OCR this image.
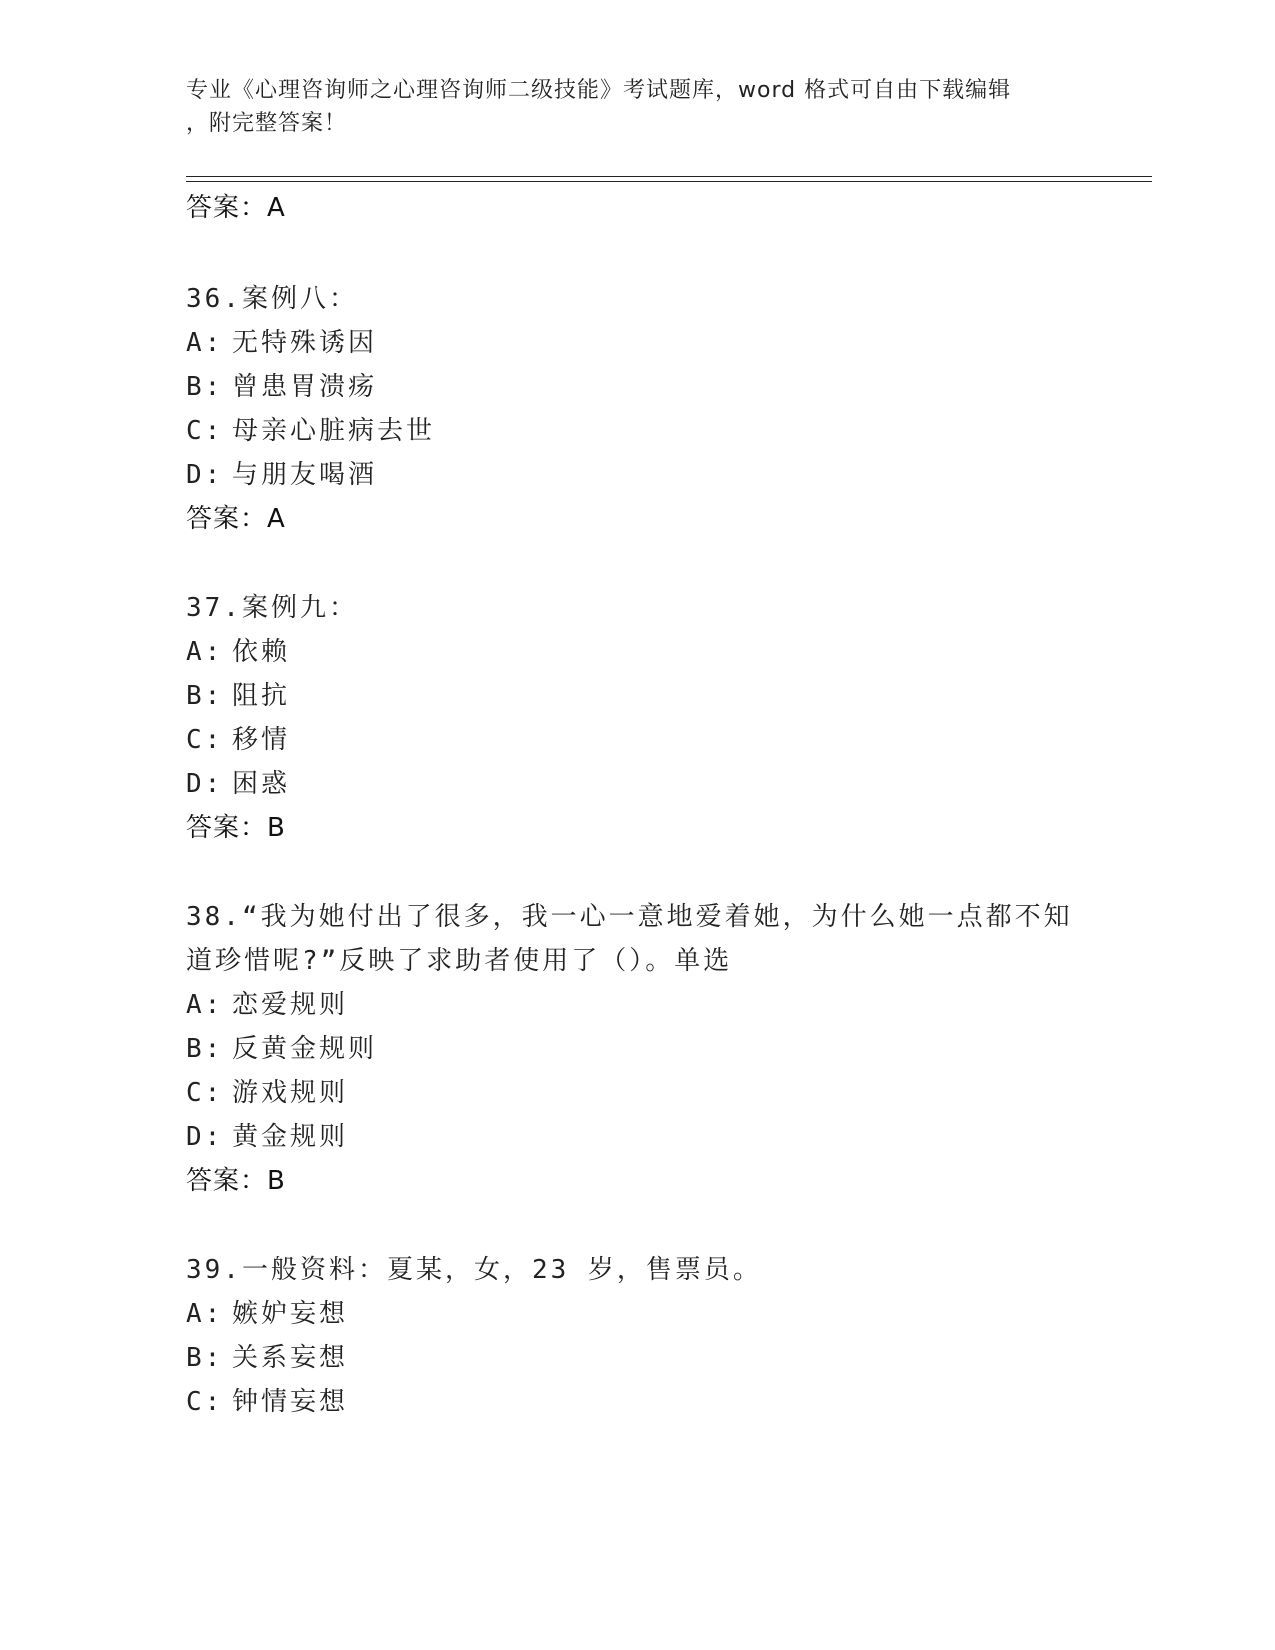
专业《心理咨询师之心理咨询师二级技能》考试题库，word 格式可自由下载编辑
，附完整答案！
答案：A
36.案例八：
A: 无特殊诱因
B: 曾患胃溃疡
C: 母亲心脏病去世
D: 与朋友喝酒
答案：A
37.案例九：
A: 依赖
B: 阻抗
C: 移情
D: 困惑
答案：B
38.“我为她付出了很多，我一心一意地爱着她，为什么她一点都不知
道珍惜呢?”反映了求助者使用了（）。单选
A: 恋爱规则
B: 反黄金规则
C: 游戏规则
D: 黄金规则
答案：B
39.一般资料：夏某，女，23 岁，售票员。
A: 嫉妒妄想
B: 关系妄想
C: 钟情妄想
